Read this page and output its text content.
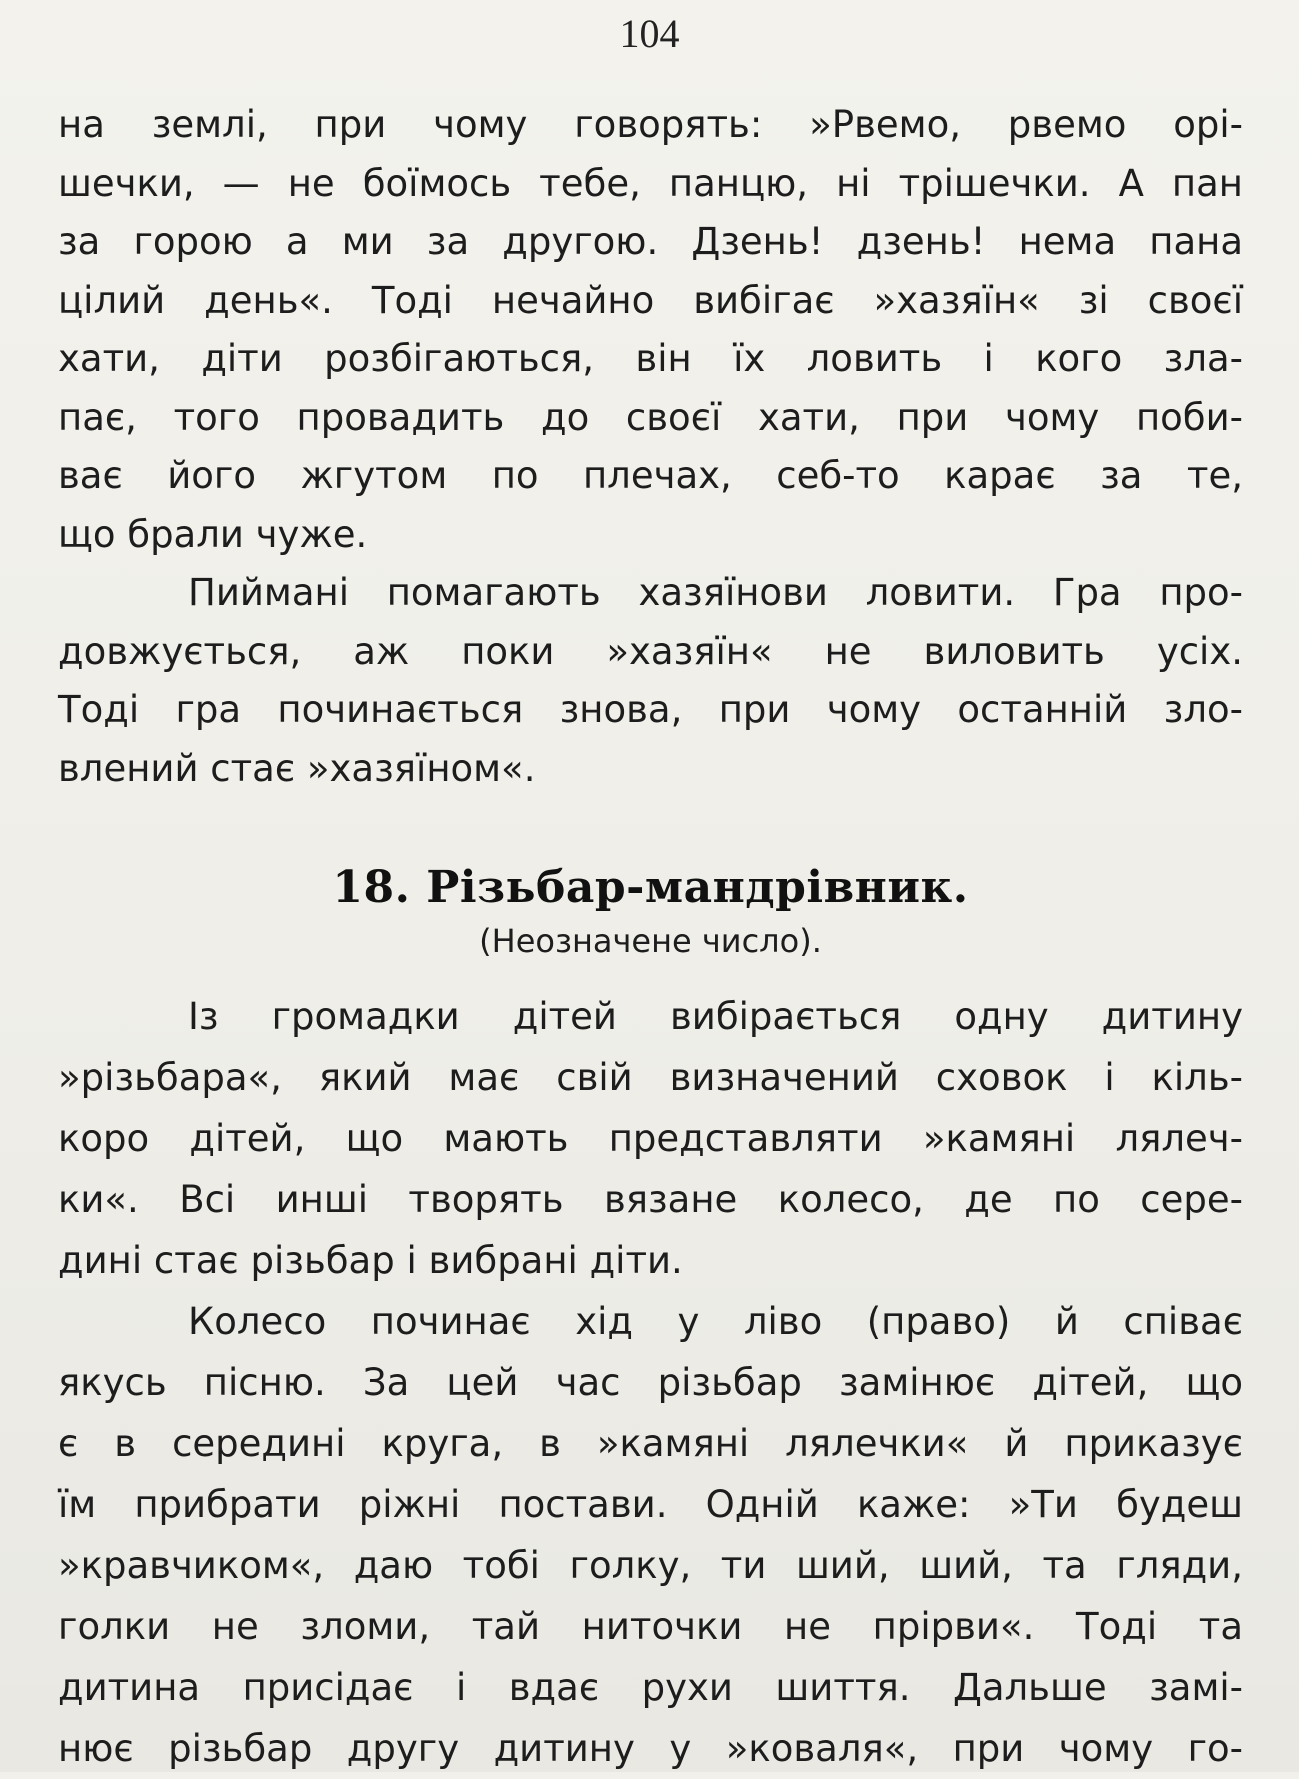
104
на землі, при чому говорять: »Рвемо, рвемо орі-
шечки, — не боїмось тебе, панцю, ні трішечки. А пан
за горою а ми за другою. Дзень! дзень! нема пана
цілий день«. Тоді нечайно вибігає »хазяїн« зі своєї
хати, діти розбігаються, він їх ловить і кого зла-
пає, того провадить до своєї хати, при чому поби-
ває його жгутом по плечах, себ-то карає за те,
що брали чуже.
Пиймані помагають хазяїнови ловити. Гра про-
довжується, аж поки »хазяїн« не виловить усіх.
Тоді гра починається знова, при чому останній зло-
влений стає »хазяїном«.
18. Різьбар-мандрівник.
(Неозначене число).
Із громадки дітей вибірається одну дитину
»різьбара«, який має свій визначений сховок і кіль-
коро дітей, що мають представляти »камяні лялеч-
ки«. Всі инші творять вязане колесо, де по сере-
дині стає різьбар і вибрані діти.
Колесо починає хід у ліво (право) й співає
якусь пісню. За цей час різьбар замінює дітей, що
є в середині круга, в »камяні лялечки« й приказує
їм прибрати ріжні постави. Одній каже: »Ти будеш
»кравчиком«, даю тобі голку, ти ший, ший, та гляди,
голки не зломи, тай ниточки не прірви«. Тоді та
дитина присідає і вдає рухи шиття. Дальше замі-
нює різьбар другу дитину у »коваля«, при чому го-
